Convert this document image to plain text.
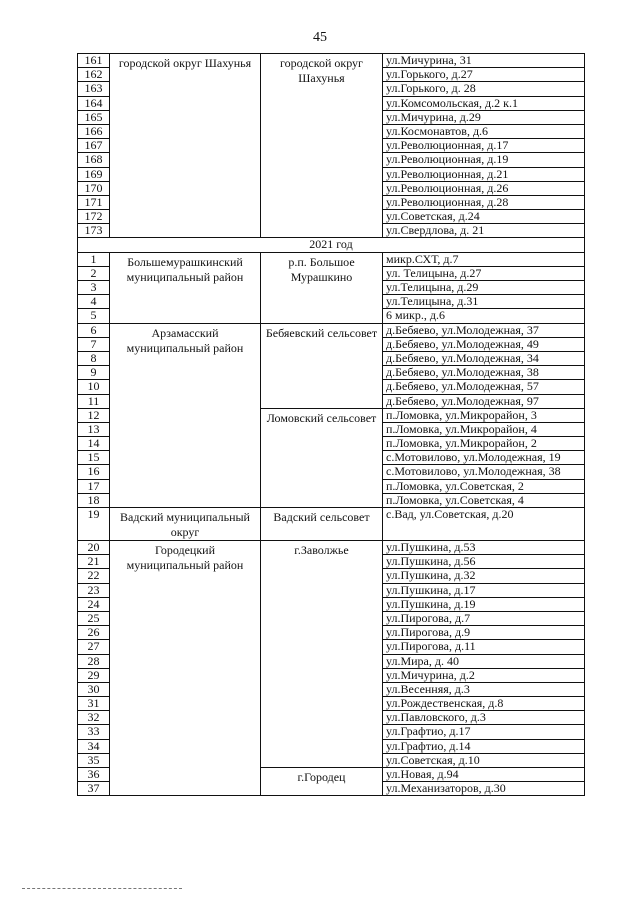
45
161	городской округ Шахунья	городской округ Шахунья	ул.Мичурина, 31
162			ул.Горького, д.27
163			ул.Горького, д. 28
164			ул.Комсомольская, д.2 к.1
165			ул.Мичурина, д.29
166			ул.Космонавтов, д.6
167			ул.Революционная, д.17
168			ул.Революционная, д.19
169			ул.Революционная, д.21
170			ул.Революционная, д.26
171			ул.Революционная, д.28
172			ул.Советская, д.24
173			ул.Свердлова, д. 21
2021 год			
1	Большемурашкинский муниципальный район	р.п. Большое Мурашкино	микр.СХТ, д.7
2			ул. Телицына, д.27
3			ул.Телицына, д.29
4			ул.Телицына, д.31
5			6 микр., д.6
6	Арзамасский муниципальный район	Бебяевский сельсовет	д.Бебяево, ул.Молодежная, 37
7			д.Бебяево, ул.Молодежная, 49
8			д.Бебяево, ул.Молодежная, 34
9			д.Бебяево, ул.Молодежная, 38
10			д.Бебяево, ул.Молодежная, 57
11			д.Бебяево, ул.Молодежная, 97
12		Ломовский сельсовет	п.Ломовка, ул.Микрорайон, 3
13			п.Ломовка, ул.Микрорайон, 4
14			п.Ломовка, ул.Микрорайон, 2
15			с.Мотовилово, ул.Молодежная, 19
16			с.Мотовилово, ул.Молодежная, 38
17			п.Ломовка, ул.Советская, 2
18			п.Ломовка, ул.Советская, 4
19	Вадский муниципальный округ	Вадский сельсовет	с.Вад, ул.Советская, д.20
20	Городецкий муниципальный район	г.Заволжье	ул.Пушкина, д.53
21			ул.Пушкина, д.56
22			ул.Пушкина, д.32
23			ул.Пушкина, д.17
24			ул.Пушкина, д.19
25			ул.Пирогова, д.7
26			ул.Пирогова, д.9
27			ул.Пирогова, д.11
28			ул.Мира, д. 40
29			ул.Мичурина, д.2
30			ул.Весенняя, д.3
31			ул.Рождественская, д.8
32			ул.Павловского, д.3
33			ул.Графтио, д.17
34			ул.Графтио, д.14
35			ул.Советская, д.10
36		г.Городец	ул.Новая, д.94
37			ул.Механизаторов, д.30
